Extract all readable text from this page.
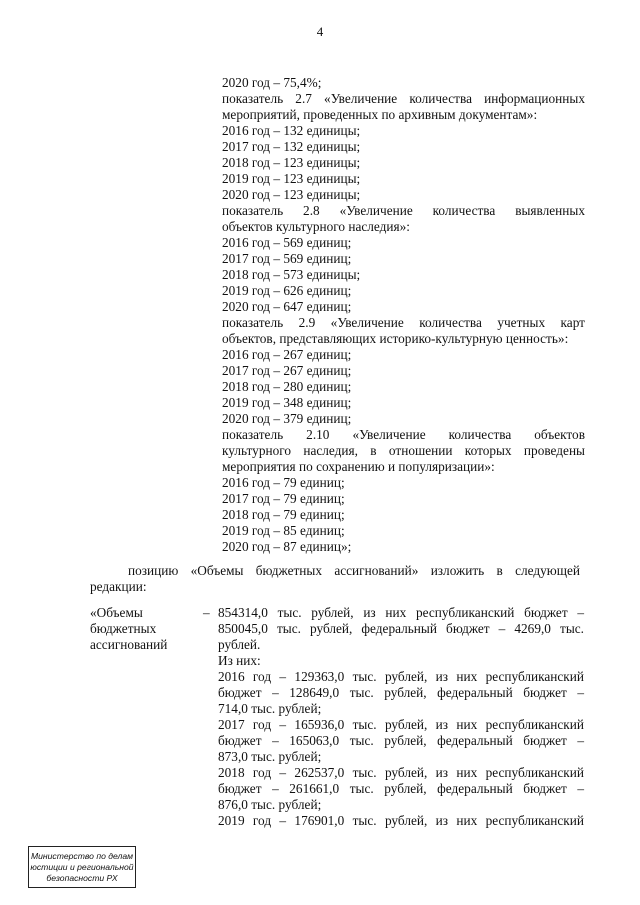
4
2020 год – 75,4%;
показатель 2.7 «Увеличение количества информационных
мероприятий, проведенных по архивным документам»:
2016 год – 132 единицы;
2017 год – 132 единицы;
2018 год – 123 единицы;
2019 год – 123 единицы;
2020 год – 123 единицы;
показатель 2.8 «Увеличение количества выявленных
объектов культурного наследия»:
2016 год – 569 единиц;
2017 год – 569 единиц;
2018 год – 573 единицы;
2019 год – 626 единиц;
2020 год – 647 единиц;
показатель 2.9 «Увеличение количества учетных карт
объектов, представляющих историко-культурную ценность»:
2016 год – 267 единиц;
2017 год – 267 единиц;
2018 год – 280 единиц;
2019 год – 348 единиц;
2020 год – 379 единиц;
показатель 2.10 «Увеличение количества объектов
культурного наследия, в отношении которых проведены
мероприятия по сохранению и популяризации»:
2016 год – 79 единиц;
2017 год – 79 единиц;
2018 год – 79 единиц;
2019 год – 85 единиц;
2020 год – 87 единиц»;
позицию «Объемы бюджетных ассигнований» изложить в следующей
редакции:
«Объемы
бюджетных
ассигнований
– 854314,0 тыс. рублей, из них республиканский бюджет –
850045,0 тыс. рублей, федеральный бюджет – 4269,0 тыс.
рублей.
Из них:
2016 год – 129363,0 тыс. рублей, из них республиканский
бюджет – 128649,0 тыс. рублей, федеральный бюджет –
714,0 тыс. рублей;
2017 год – 165936,0 тыс. рублей, из них республиканский
бюджет – 165063,0 тыс. рублей, федеральный бюджет –
873,0 тыс. рублей;
2018 год – 262537,0 тыс. рублей, из них республиканский
бюджет – 261661,0 тыс. рублей, федеральный бюджет –
876,0 тыс. рублей;
2019 год – 176901,0 тыс. рублей, из них республиканский
Министерство по делам
юстиции и региональной
безопасности РХ
